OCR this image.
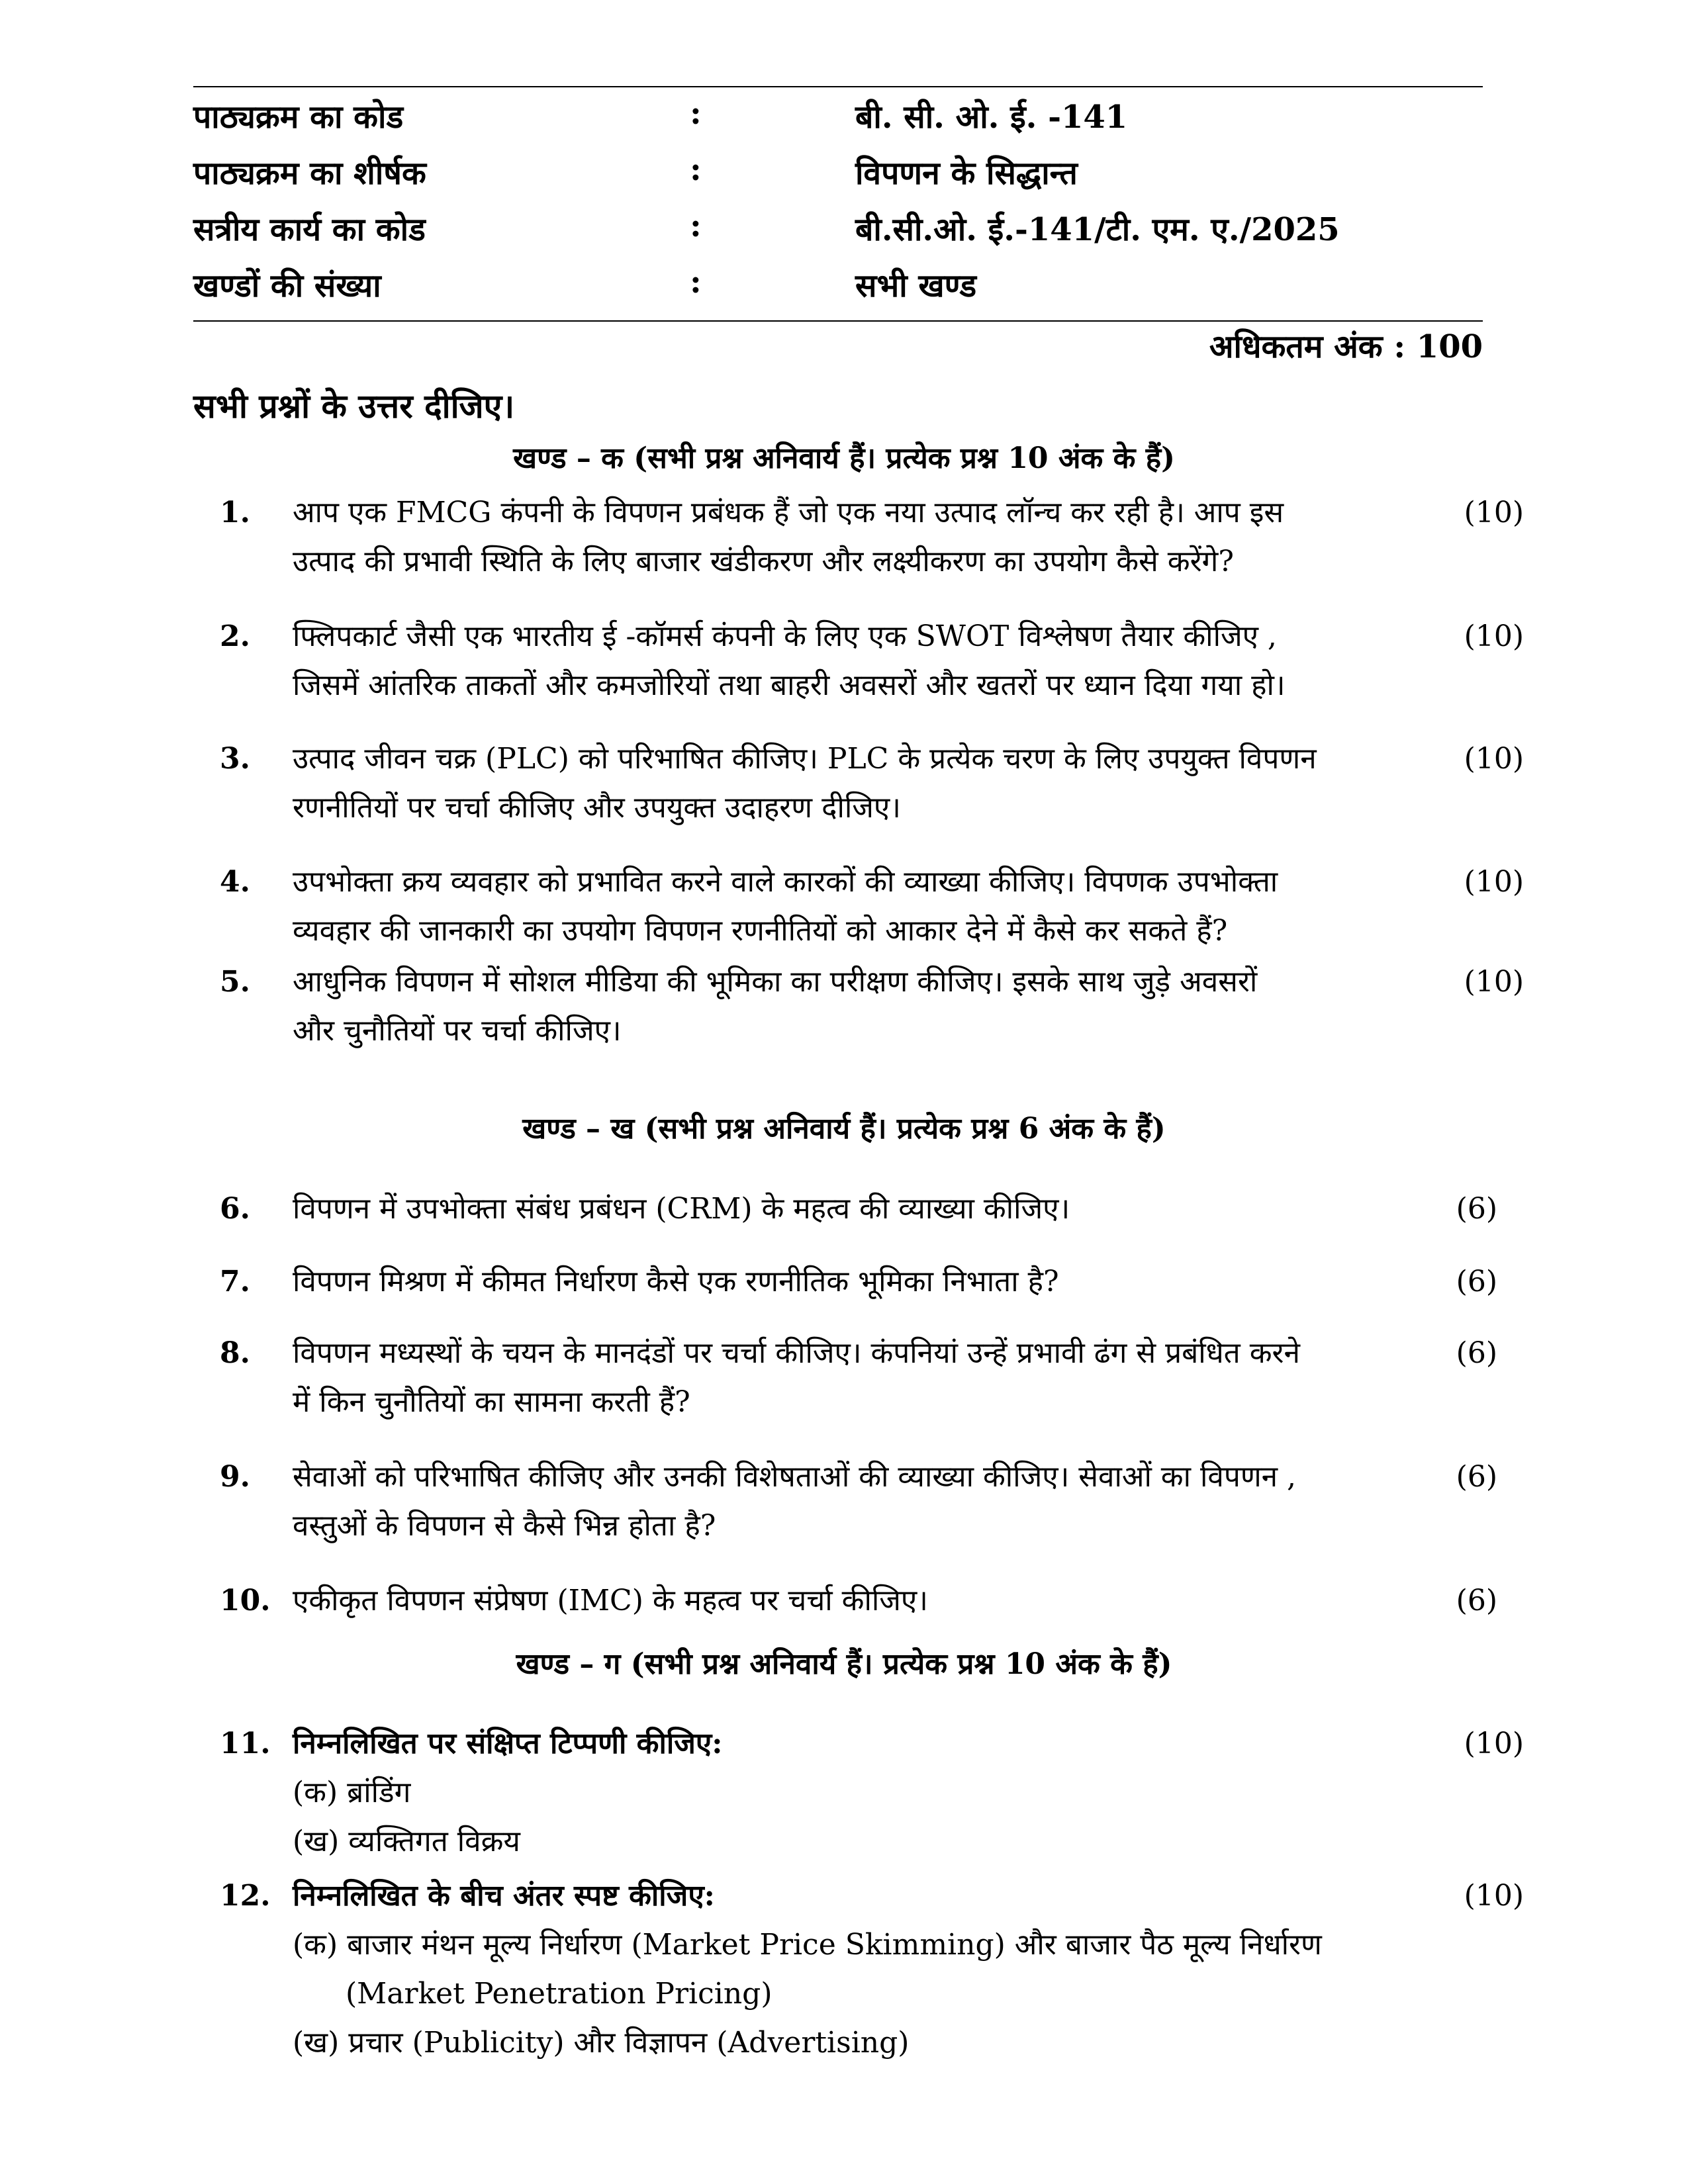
पाठ्यक्रम का कोड	:	बी. सी. ओ. ई. -141
पाठ्यक्रम का शीर्षक	:	विपणन के सिद्धान्त
सत्रीय कार्य का कोड	:	बी.सी.ओ. ई.-141/टी. एम. ए./2025
खण्डों की संख्या	:	सभी खण्ड
अधिकतम अंक : 100
सभी प्रश्नों के उत्तर दीजिए।
खण्ड – क (सभी प्रश्न अनिवार्य हैं। प्रत्येक प्रश्न 10 अंक के हैं)
1. आप एक FMCG कंपनी के विपणन प्रबंधक हैं जो एक नया उत्पाद लॉन्च कर रही है। आप इस
उत्पाद की प्रभावी स्थिति के लिए बाजार खंडीकरण और लक्ष्यीकरण का उपयोग कैसे करेंगे?
(10)
2. फ्लिपकार्ट जैसी एक भारतीय ई -कॉमर्स कंपनी के लिए एक SWOT विश्लेषण तैयार कीजिए ,
जिसमें आंतरिक ताकतों और कमजोरियों तथा बाहरी अवसरों और खतरों पर ध्यान दिया गया हो।
(10)
3. उत्पाद जीवन चक्र (PLC) को परिभाषित कीजिए। PLC के प्रत्येक चरण के लिए उपयुक्त विपणन
रणनीतियों पर चर्चा कीजिए और उपयुक्त उदाहरण दीजिए।
(10)
4. उपभोक्ता क्रय व्यवहार को प्रभावित करने वाले कारकों की व्याख्या कीजिए। विपणक उपभोक्ता
व्यवहार की जानकारी का उपयोग विपणन रणनीतियों को आकार देने में कैसे कर सकते हैं?
(10)
5. आधुनिक विपणन में सोशल मीडिया की भूमिका का परीक्षण कीजिए। इसके साथ जुड़े अवसरों
और चुनौतियों पर चर्चा कीजिए।
(10)
खण्ड – ख (सभी प्रश्न अनिवार्य हैं। प्रत्येक प्रश्न 6 अंक के हैं)
6. विपणन में उपभोक्ता संबंध प्रबंधन (CRM) के महत्व की व्याख्या कीजिए।	(6)
7. विपणन मिश्रण में कीमत निर्धारण कैसे एक रणनीतिक भूमिका निभाता है?	(6)
8. विपणन मध्यस्थों के चयन के मानदंडों पर चर्चा कीजिए। कंपनियां उन्हें प्रभावी ढंग से प्रबंधित करने
में किन चुनौतियों का सामना करती हैं?
(6)
9. सेवाओं को परिभाषित कीजिए और उनकी विशेषताओं की व्याख्या कीजिए। सेवाओं का विपणन ,
वस्तुओं के विपणन से कैसे भिन्न होता है?
(6)
10. एकीकृत विपणन संप्रेषण (IMC) के महत्व पर चर्चा कीजिए।	(6)
खण्ड – ग (सभी प्रश्न अनिवार्य हैं। प्रत्येक प्रश्न 10 अंक के हैं)
11. निम्नलिखित पर संक्षिप्त टिप्पणी कीजिए:
(क) ब्रांडिंग
(ख) व्यक्तिगत विक्रय
(10)
12. निम्नलिखित के बीच अंतर स्पष्ट कीजिए:
(क) बाजार मंथन मूल्य निर्धारण (Market Price Skimming) और बाजार पैठ मूल्य निर्धारण
(Market Penetration Pricing)
(ख) प्रचार (Publicity) और विज्ञापन (Advertising)
(10)
